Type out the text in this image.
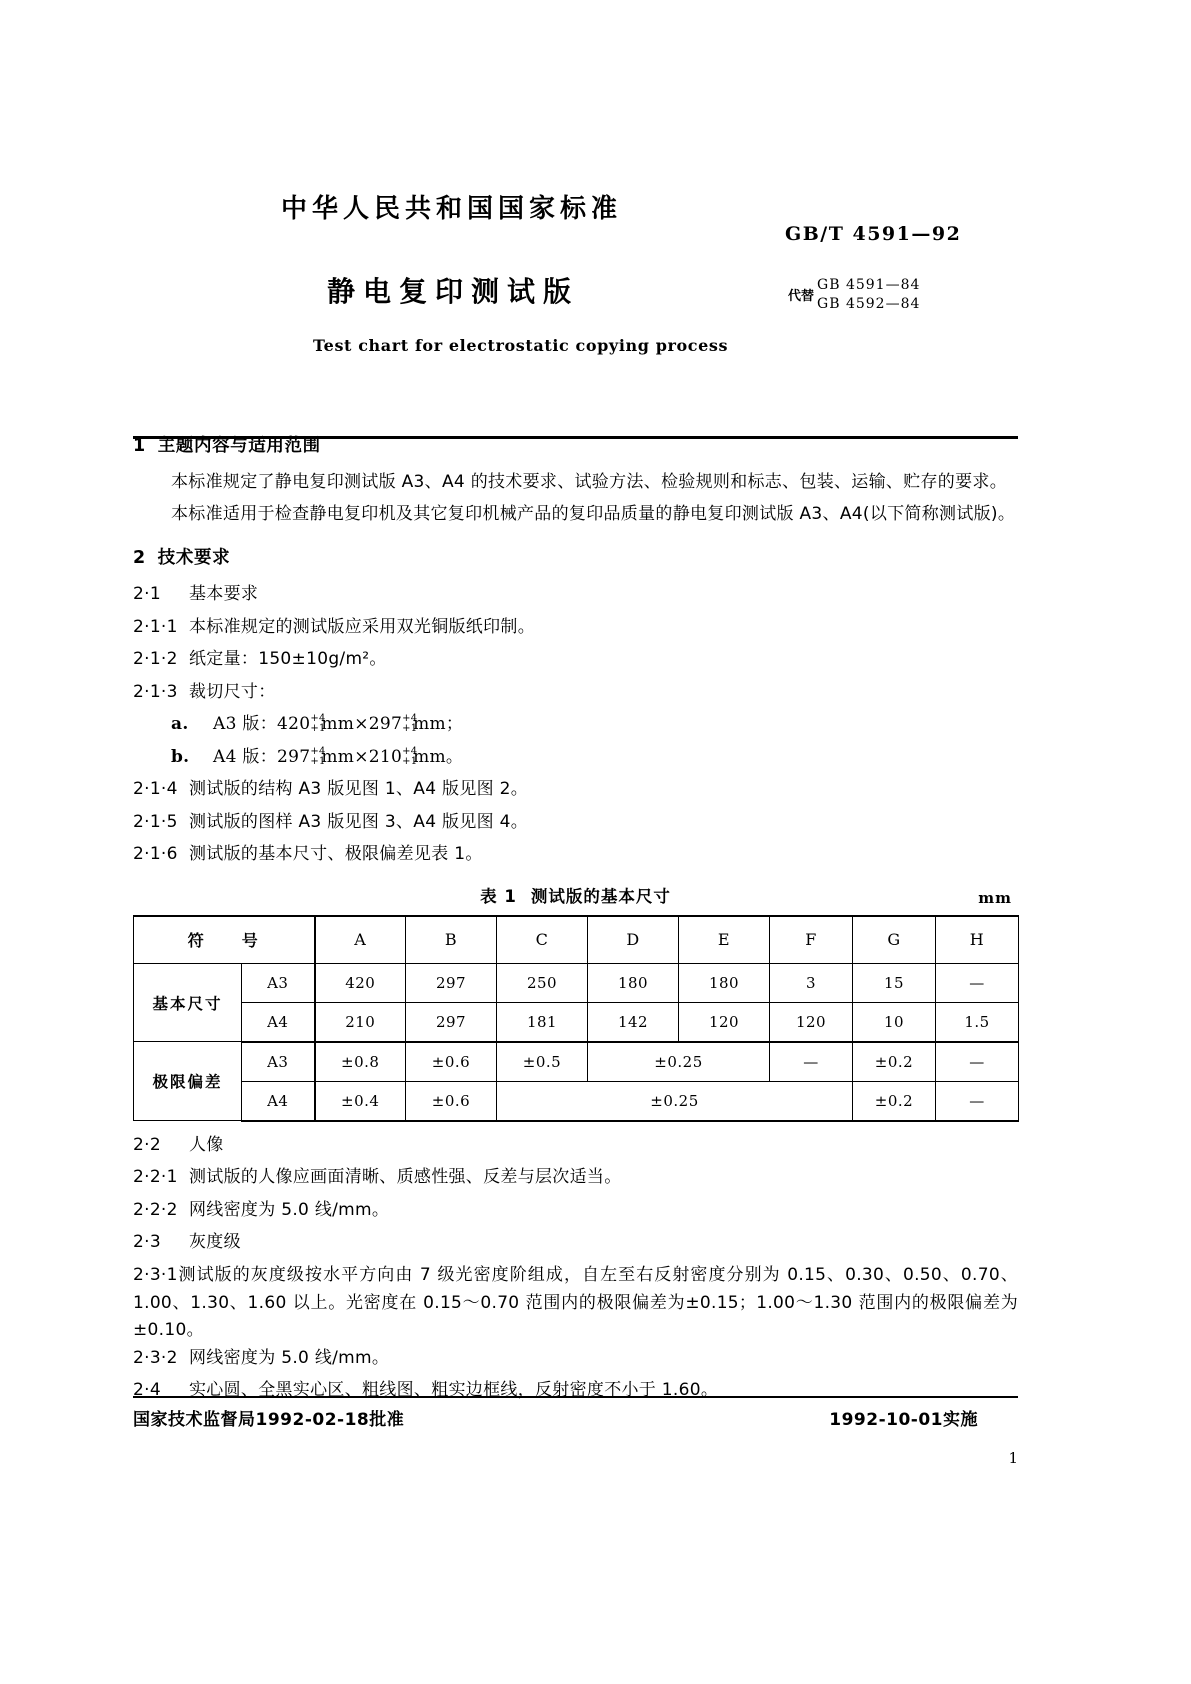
中华人民共和国国家标准
GB/T 4591—92
静电复印测试版	代替
GB 4591—84
GB 4592—84
Test chart for electrostatic copying process
1 主题内容与适用范围

本标准规定了静电复印测试版 A3、A4 的技术要求、试验方法、检验规则和标志、包装、运输、贮存的要求。

本标准适用于检查静电复印机及其它复印机械产品的复印品质量的静电复印测试版 A3、A4(以下简称测试版)。

2 技术要求

2·1 基本要求

2·1·1 本标准规定的测试版应采用双光铜版纸印制。

2·1·2 纸定量：150±10g/m²。

2·1·3 裁切尺寸：

a. A3 版：420 +4
+1
mm×297 +4
+1
mm；

b. A4 版：297 +4
+1
mm×210 +4
+1
mm。

2·1·4 测试版的结构 A3 版见图 1、A4 版见图 2。

2·1·5 测试版的图样 A3 版见图 3、A4 版见图 4。

2·1·6 测试版的基本尺寸、极限偏差见表 1。

表 1 测试版的基本尺寸	mm
符　　号		A	B	C	D	E	F	G	H
基本尺寸	A3	420	297	250	180	180	3	15	—
	A4	210	297	181	142	120	120	10	1.5
极限偏差	A3	±0.8	±0.6	±0.5	±0.25		—	±0.2	—
	A4	±0.4	±0.6	±0.25				±0.2	—

2·2 人像

2·2·1 测试版的人像应画面清晰、质感性强、反差与层次适当。

2·2·2 网线密度为 5.0 线/mm。

2·3 灰度级

2·3·1测试版的灰度级按水平方向由 7 级光密度阶组成，自左至右反射密度分别为 0.15、0.30、0.50、0.70、1.00、1.30、1.60 以上。光密度在 0.15～0.70 范围内的极限偏差为±0.15；1.00～1.30 范围内的极限偏差为±0.10。

2·3·2 网线密度为 5.0 线/mm。

2·4 实心圆、全黑实心区、粗线图、粗实边框线，反射密度不小于 1.60。

国家技术监督局1992-02-18批准	1992-10-01实施
1
